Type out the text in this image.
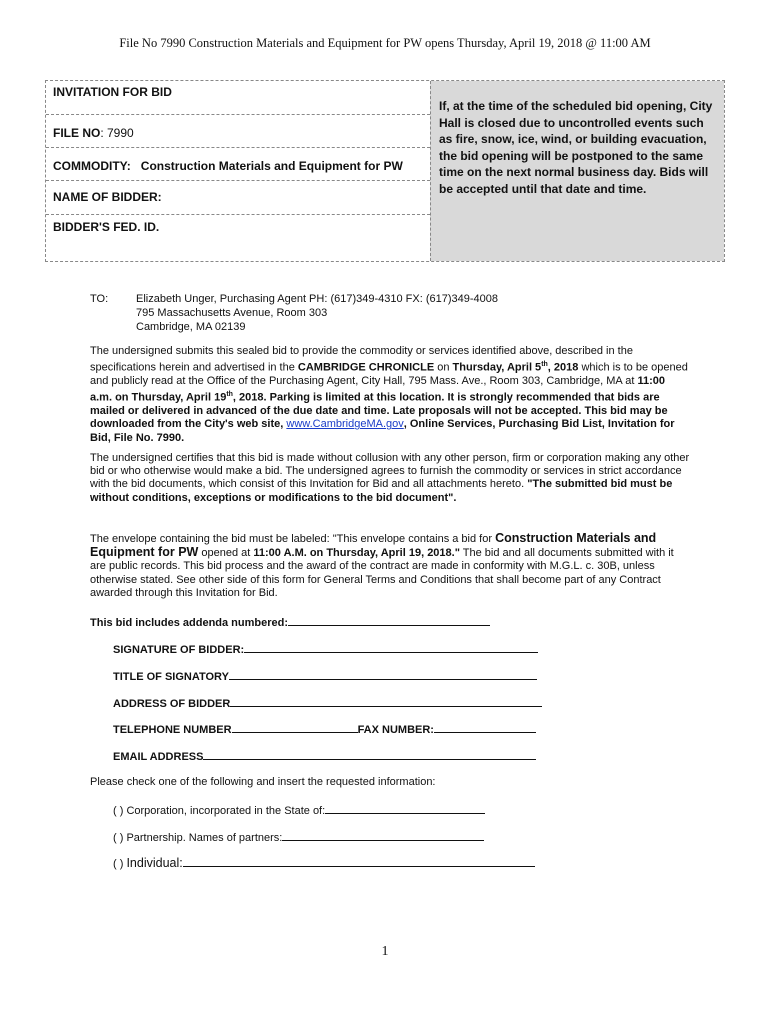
File No 7990 Construction Materials and Equipment for PW opens Thursday, April 19, 2018 @ 11:00 AM
INVITATION FOR BID
FILE NO: 7990
COMMODITY: Construction Materials and Equipment for PW
NAME OF BIDDER:
BIDDER'S FED. ID.

If, at the time of the scheduled bid opening, City Hall is closed due to uncontrolled events such as fire, snow, ice, wind, or building evacuation, the bid opening will be postponed to the same time on the next normal business day. Bids will be accepted until that date and time.

TO:	Elizabeth Unger, Purchasing Agent PH: (617)349-4310 FX: (617)349-4008
795 Massachusetts Avenue, Room 303
Cambridge, MA 02139

The undersigned submits this sealed bid to provide the commodity or services identified above, described in the specifications herein and advertised in the CAMBRIDGE CHRONICLE on Thursday, April 5th, 2018 which is to be opened and publicly read at the Office of the Purchasing Agent, City Hall, 795 Mass. Ave., Room 303, Cambridge, MA at 11:00 a.m. on Thursday, April 19th, 2018. Parking is limited at this location. It is strongly recommended that bids are mailed or delivered in advanced of the due date and time. Late proposals will not be accepted. This bid may be downloaded from the City's web site, www.CambridgeMA.gov, Online Services, Purchasing Bid List, Invitation for Bid, File No. 7990.

The undersigned certifies that this bid is made without collusion with any other person, firm or corporation making any other bid or who otherwise would make a bid. The undersigned agrees to furnish the commodity or services in strict accordance with the bid documents, which consist of this Invitation for Bid and all attachments hereto. "The submitted bid must be without conditions, exceptions or modifications to the bid document".

The envelope containing the bid must be labeled: "This envelope contains a bid for Construction Materials and Equipment for PW opened at 11:00 A.M. on Thursday, April 19, 2018." The bid and all documents submitted with it are public records. This bid process and the award of the contract are made in conformity with M.G.L. c. 30B, unless otherwise stated. See other side of this form for General Terms and Conditions that shall become part of any Contract awarded through this Invitation for Bid.

This bid includes addenda numbered:
SIGNATURE OF BIDDER:
TITLE OF SIGNATORY
ADDRESS OF BIDDER
TELEPHONE NUMBER	FAX NUMBER:
EMAIL ADDRESS
Please check one of the following and insert the requested information:
( ) Corporation, incorporated in the State of:
( ) Partnership. Names of partners:
( ) Individual:
1
